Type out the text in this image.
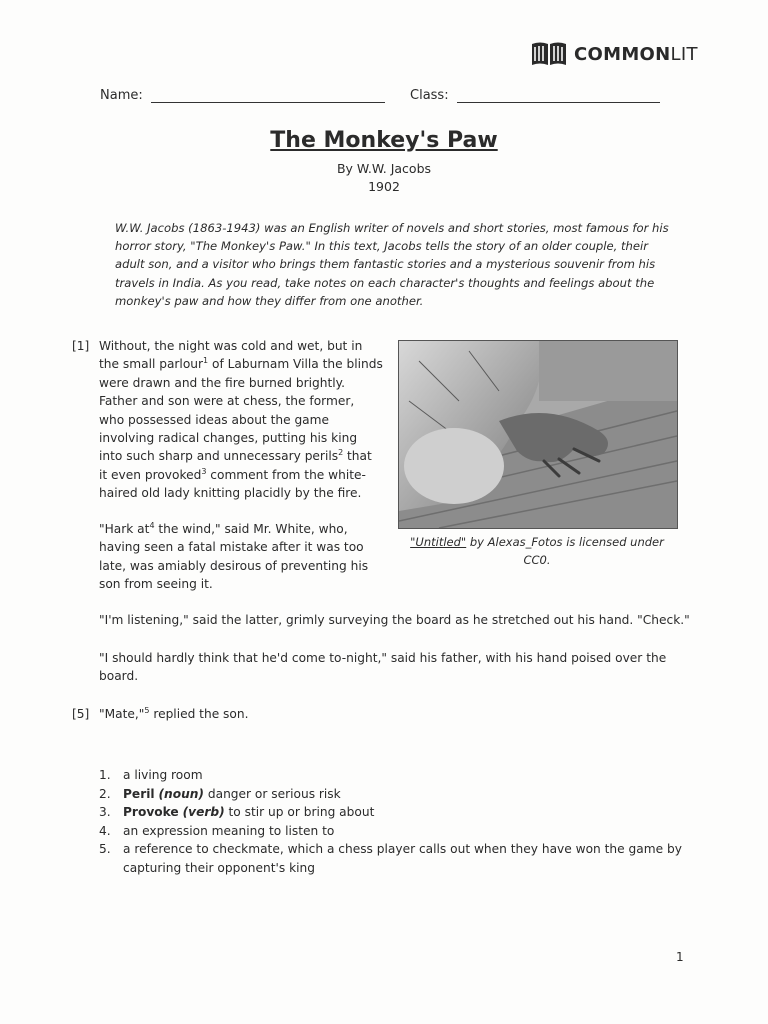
COMMONLIT
Name:	Class:
The Monkey's Paw
By W.W. Jacobs
1902
W.W. Jacobs (1863-1943) was an English writer of novels and short stories, most famous for his horror story, "The Monkey's Paw." In this text, Jacobs tells the story of an older couple, their adult son, and a visitor who brings them fantastic stories and a mysterious souvenir from his travels in India. As you read, take notes on each character's thoughts and feelings about the monkey's paw and how they differ from one another.
[1] Without, the night was cold and wet, but in the small parlour$^1$ of Laburnam Villa the blinds were drawn and the fire burned brightly. Father and son were at chess, the former, who possessed ideas about the game involving radical changes, putting his king into such sharp and unnecessary perils$^2$ that it even provoked$^3$ comment from the white-haired old lady knitting placidly by the fire.
"Hark $at^4$ the wind," said Mr. White, who, having seen a fatal mistake after it was too late, was amiably desirous of preventing his son from seeing it.
"Untitled" by Alexas_Fotos is licensed under CC0.
"I'm listening," said the latter, grimly surveying the board as he stretched out his hand. "Check."
"I should hardly think that he'd come to-night," said his father, with his hand poised over the board.
[5] "Mate,"$^5$ replied the son.
1.	a living room
2.	Peril (noun) danger or serious risk
3.	Provoke (verb) to stir up or bring about
4.	an expression meaning to listen to
5.	a reference to checkmate, which a chess player calls out when they have won the game by capturing their opponent's king
1
